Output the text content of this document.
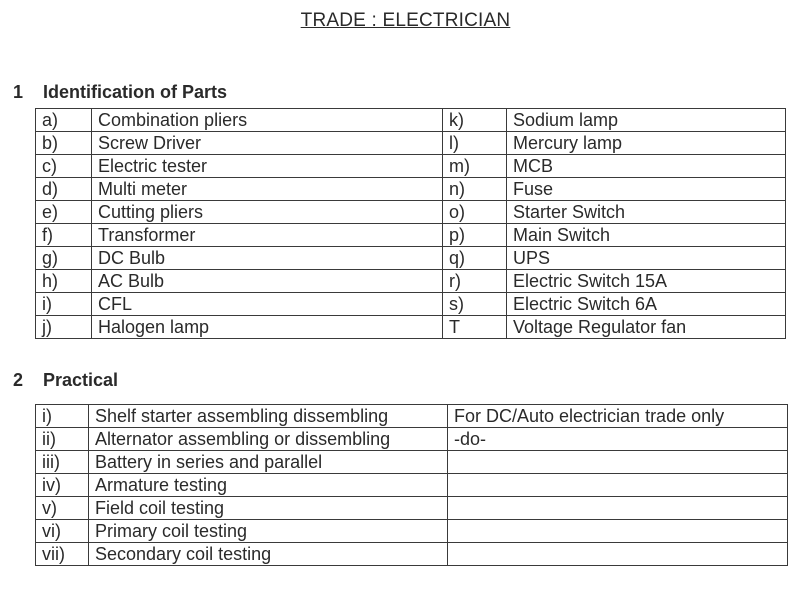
TRADE : ELECTRICIAN
1 Identification of Parts
a)	Combination pliers	k)	Sodium lamp
b)	Screw Driver	l)	Mercury lamp
c)	Electric tester	m)	MCB
d)	Multi meter	n)	Fuse
e)	Cutting pliers	o)	Starter Switch
f)	Transformer	p)	Main Switch
g)	DC Bulb	q)	UPS
h)	AC Bulb	r)	Electric Switch 15A
i)	CFL	s)	Electric Switch 6A
j)	Halogen lamp	T	Voltage Regulator fan
2 Practical
i)	Shelf starter assembling dissembling	For DC/Auto electrician trade only
ii)	Alternator assembling or dissembling	-do-
iii)	Battery in series and parallel	
iv)	Armature testing	
v)	Field coil testing	
vi)	Primary coil testing	
vii)	Secondary coil testing	
